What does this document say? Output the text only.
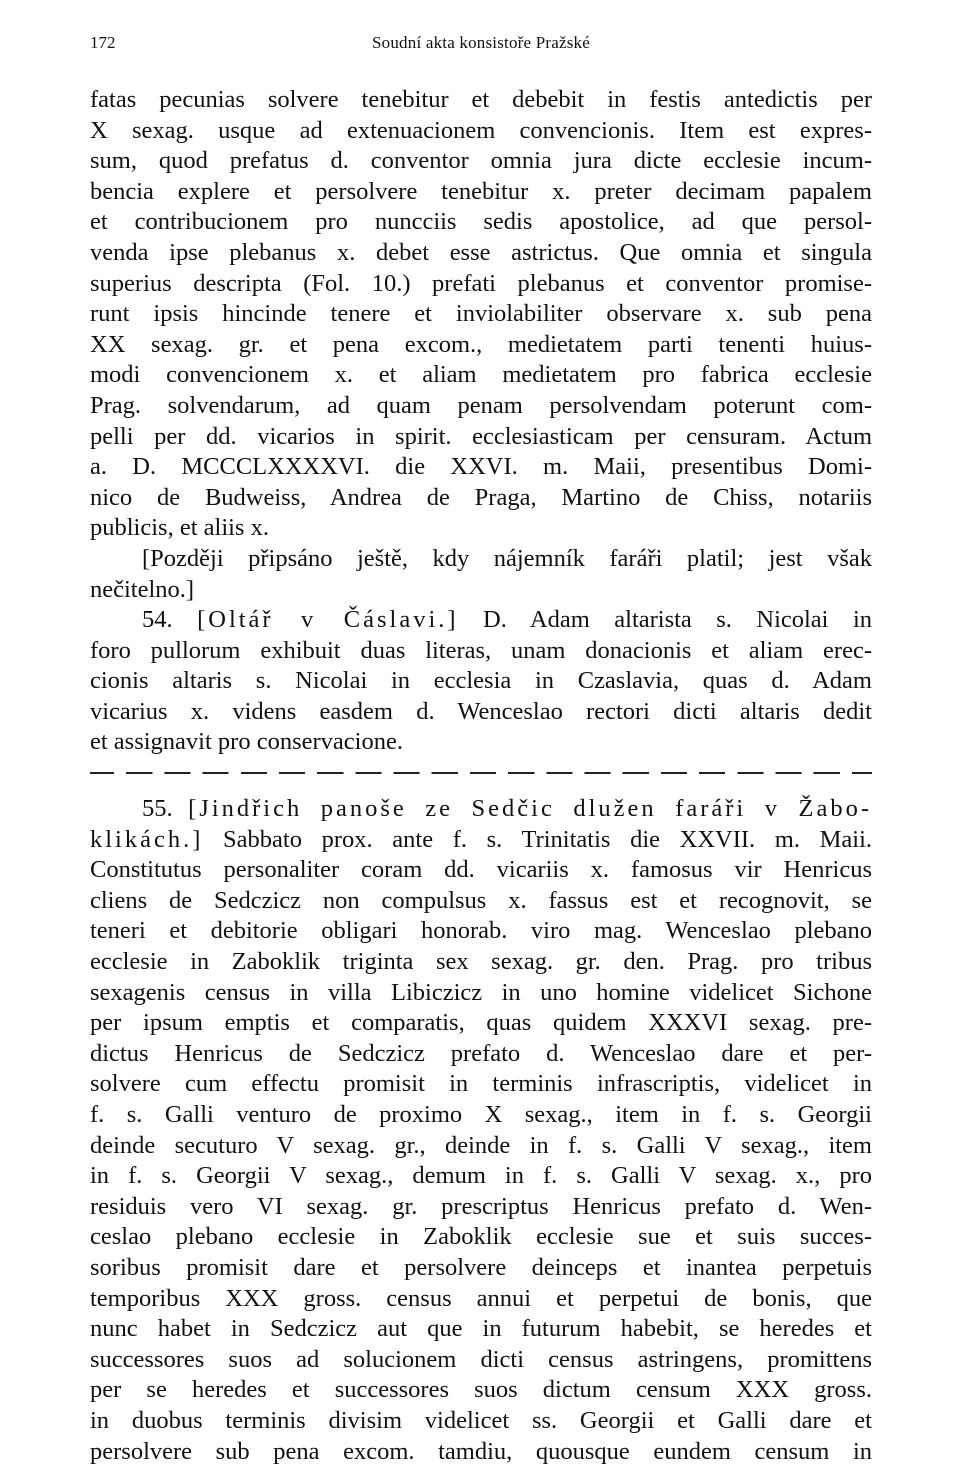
172	Soudní akta konsistoře Pražské

fatas pecunias solvere tenebitur et debebit in festis antedictis per

X sexag. usque ad extenuacionem convencionis. Item est expres-

sum, quod prefatus d. conventor omnia jura dicte ecclesie incum-

bencia explere et persolvere tenebitur x. preter decimam papalem

et contribucionem pro nuncciis sedis apostolice, ad que persol-

venda ipse plebanus x. debet esse astrictus. Que omnia et singula

superius descripta (Fol. 10.) prefati plebanus et conventor promise-

runt ipsis hincinde tenere et inviolabiliter observare x. sub pena

XX sexag. gr. et pena excom., medietatem parti tenenti huius-

modi convencionem x. et aliam medietatem pro fabrica ecclesie

Prag. solvendarum, ad quam penam persolvendam poterunt com-

pelli per dd. vicarios in spirit. ecclesiasticam per censuram. Actum

a. D. MCCCLXXXXVI. die XXVI. m. Maii, presentibus Domi-

nico de Budweiss, Andrea de Praga, Martino de Chiss, notariis

publicis, et aliis x.

[Později připsáno ještě, kdy nájemník faráři platil; jest však

nečitelno.]

54. [Oltář v Čáslavi.] D. Adam altarista s. Nicolai in

foro pullorum exhibuit duas literas, unam donacionis et aliam erec-

cionis altaris s. Nicolai in ecclesia in Czaslavia, quas d. Adam

vicarius x. videns easdem d. Wenceslao rectori dicti altaris dedit

et assignavit pro conservacione.

55. [Jindřich panoše ze Sedčic dlužen faráři v Žabo-

klikách.] Sabbato prox. ante f. s. Trinitatis die XXVII. m. Maii.

Constitutus personaliter coram dd. vicariis x. famosus vir Henricus

cliens de Sedczicz non compulsus x. fassus est et recognovit, se

teneri et debitorie obligari honorab. viro mag. Wenceslao plebano

ecclesie in Zaboklik triginta sex sexag. gr. den. Prag. pro tribus

sexagenis census in villa Libiczicz in uno homine videlicet Sichone

per ipsum emptis et comparatis, quas quidem XXXVI sexag. pre-

dictus Henricus de Sedczicz prefato d. Wenceslao dare et per-

solvere cum effectu promisit in terminis infrascriptis, videlicet in

f. s. Galli venturo de proximo X sexag., item in f. s. Georgii

deinde secuturo V sexag. gr., deinde in f. s. Galli V sexag., item

in f. s. Georgii V sexag., demum in f. s. Galli V sexag. x., pro

residuis vero VI sexag. gr. prescriptus Henricus prefato d. Wen-

ceslao plebano ecclesie in Zaboklik ecclesie sue et suis succes-

soribus promisit dare et persolvere deinceps et inantea perpetuis

temporibus XXX gross. census annui et perpetui de bonis, que

nunc habet in Sedczicz aut que in futurum habebit, se heredes et

successores suos ad solucionem dicti census astringens, promittens

per se heredes et successores suos dictum censum XXX gross.

in duobus terminis divisim videlicet ss. Georgii et Galli dare et

persolvere sub pena excom. tamdiu, quousque eundem censum in
